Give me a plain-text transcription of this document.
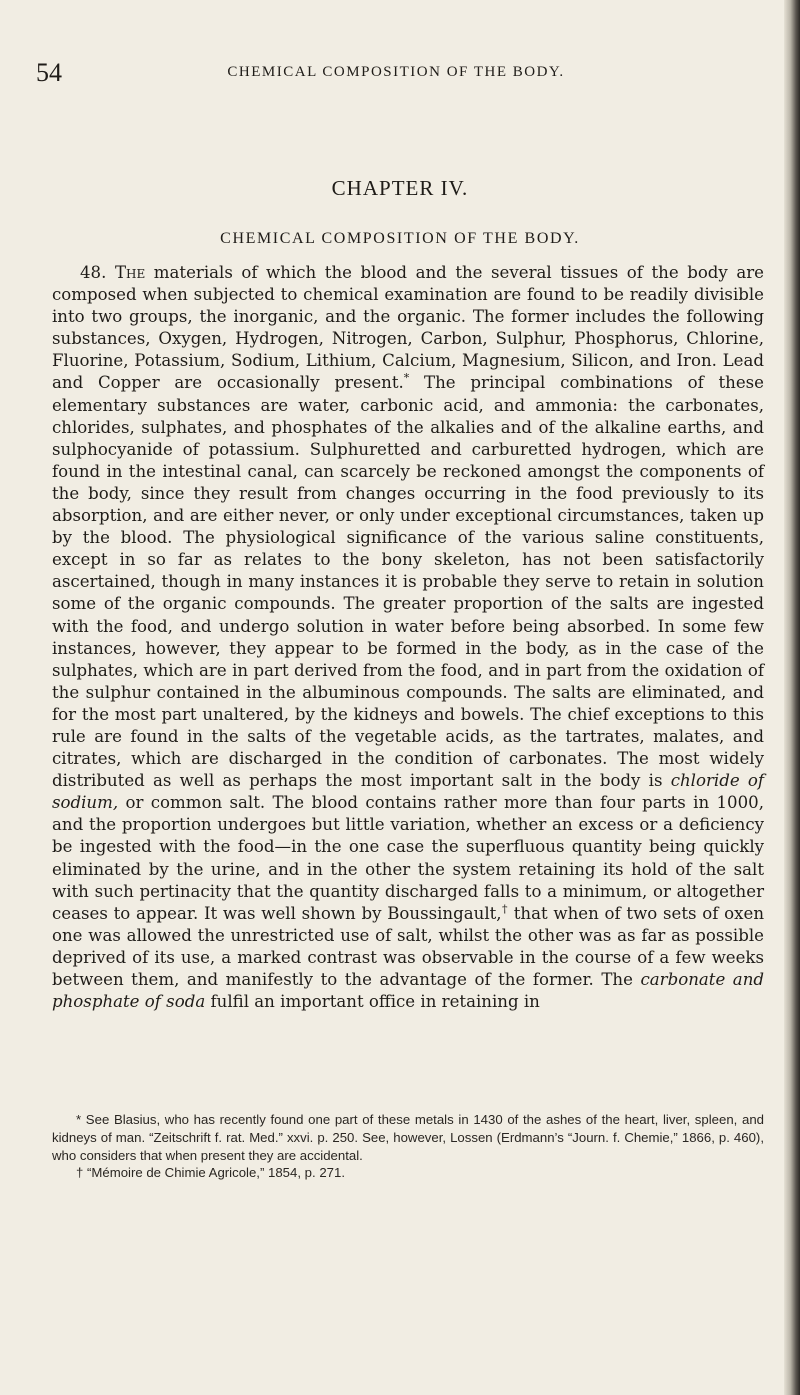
54	CHEMICAL COMPOSITION OF THE BODY.
CHAPTER IV.
CHEMICAL COMPOSITION OF THE BODY.

48. The materials of which the blood and the several tissues of the body are composed when subjected to chemical examination are found to be readily divisible into two groups, the inorganic, and the organic. The former includes the following substances, Oxygen, Hydrogen, Nitrogen, Carbon, Sulphur, Phosphorus, Chlorine, Fluorine, Potassium, Sodium, Lithium, Calcium, Magnesium, Silicon, and Iron. Lead and Copper are occasionally present.* The principal combinations of these elementary substances are water, carbonic acid, and ammonia: the carbonates, chlorides, sulphates, and phosphates of the alkalies and of the alkaline earths, and sulphocyanide of potassium. Sulphuretted and carburetted hydrogen, which are found in the intestinal canal, can scarcely be reckoned amongst the components of the body, since they result from changes occurring in the food previously to its absorption, and are either never, or only under exceptional circumstances, taken up by the blood. The physiological significance of the various saline constituents, except in so far as relates to the bony skeleton, has not been satisfactorily ascertained, though in many instances it is probable they serve to retain in solution some of the organic compounds. The greater proportion of the salts are ingested with the food, and undergo solution in water before being absorbed. In some few instances, however, they appear to be formed in the body, as in the case of the sulphates, which are in part derived from the food, and in part from the oxidation of the sulphur contained in the albuminous compounds. The salts are eliminated, and for the most part unaltered, by the kidneys and bowels. The chief exceptions to this rule are found in the salts of the vegetable acids, as the tartrates, malates, and citrates, which are discharged in the condition of carbonates. The most widely distributed as well as perhaps the most important salt in the body is chloride of sodium, or common salt. The blood contains rather more than four parts in 1000, and the proportion undergoes but little variation, whether an excess or a deficiency be ingested with the food—in the one case the superfluous quantity being quickly eliminated by the urine, and in the other the system retaining its hold of the salt with such pertinacity that the quantity discharged falls to a minimum, or altogether ceases to appear. It was well shown by Boussingault,† that when of two sets of oxen one was allowed the unrestricted use of salt, whilst the other was as far as possible deprived of its use, a marked contrast was observable in the course of a few weeks between them, and manifestly to the advantage of the former. The carbonate and phosphate of soda fulfil an important office in retaining in

* See Blasius, who has recently found one part of these metals in 1430 of the ashes of the heart, liver, spleen, and kidneys of man. “Zeitschrift f. rat. Med.” xxvi. p. 250. See, however, Lossen (Erdmann’s “Journ. f. Chemie,” 1866, p. 460), who considers that when present they are accidental.

† “Mémoire de Chimie Agricole,” 1854, p. 271.
